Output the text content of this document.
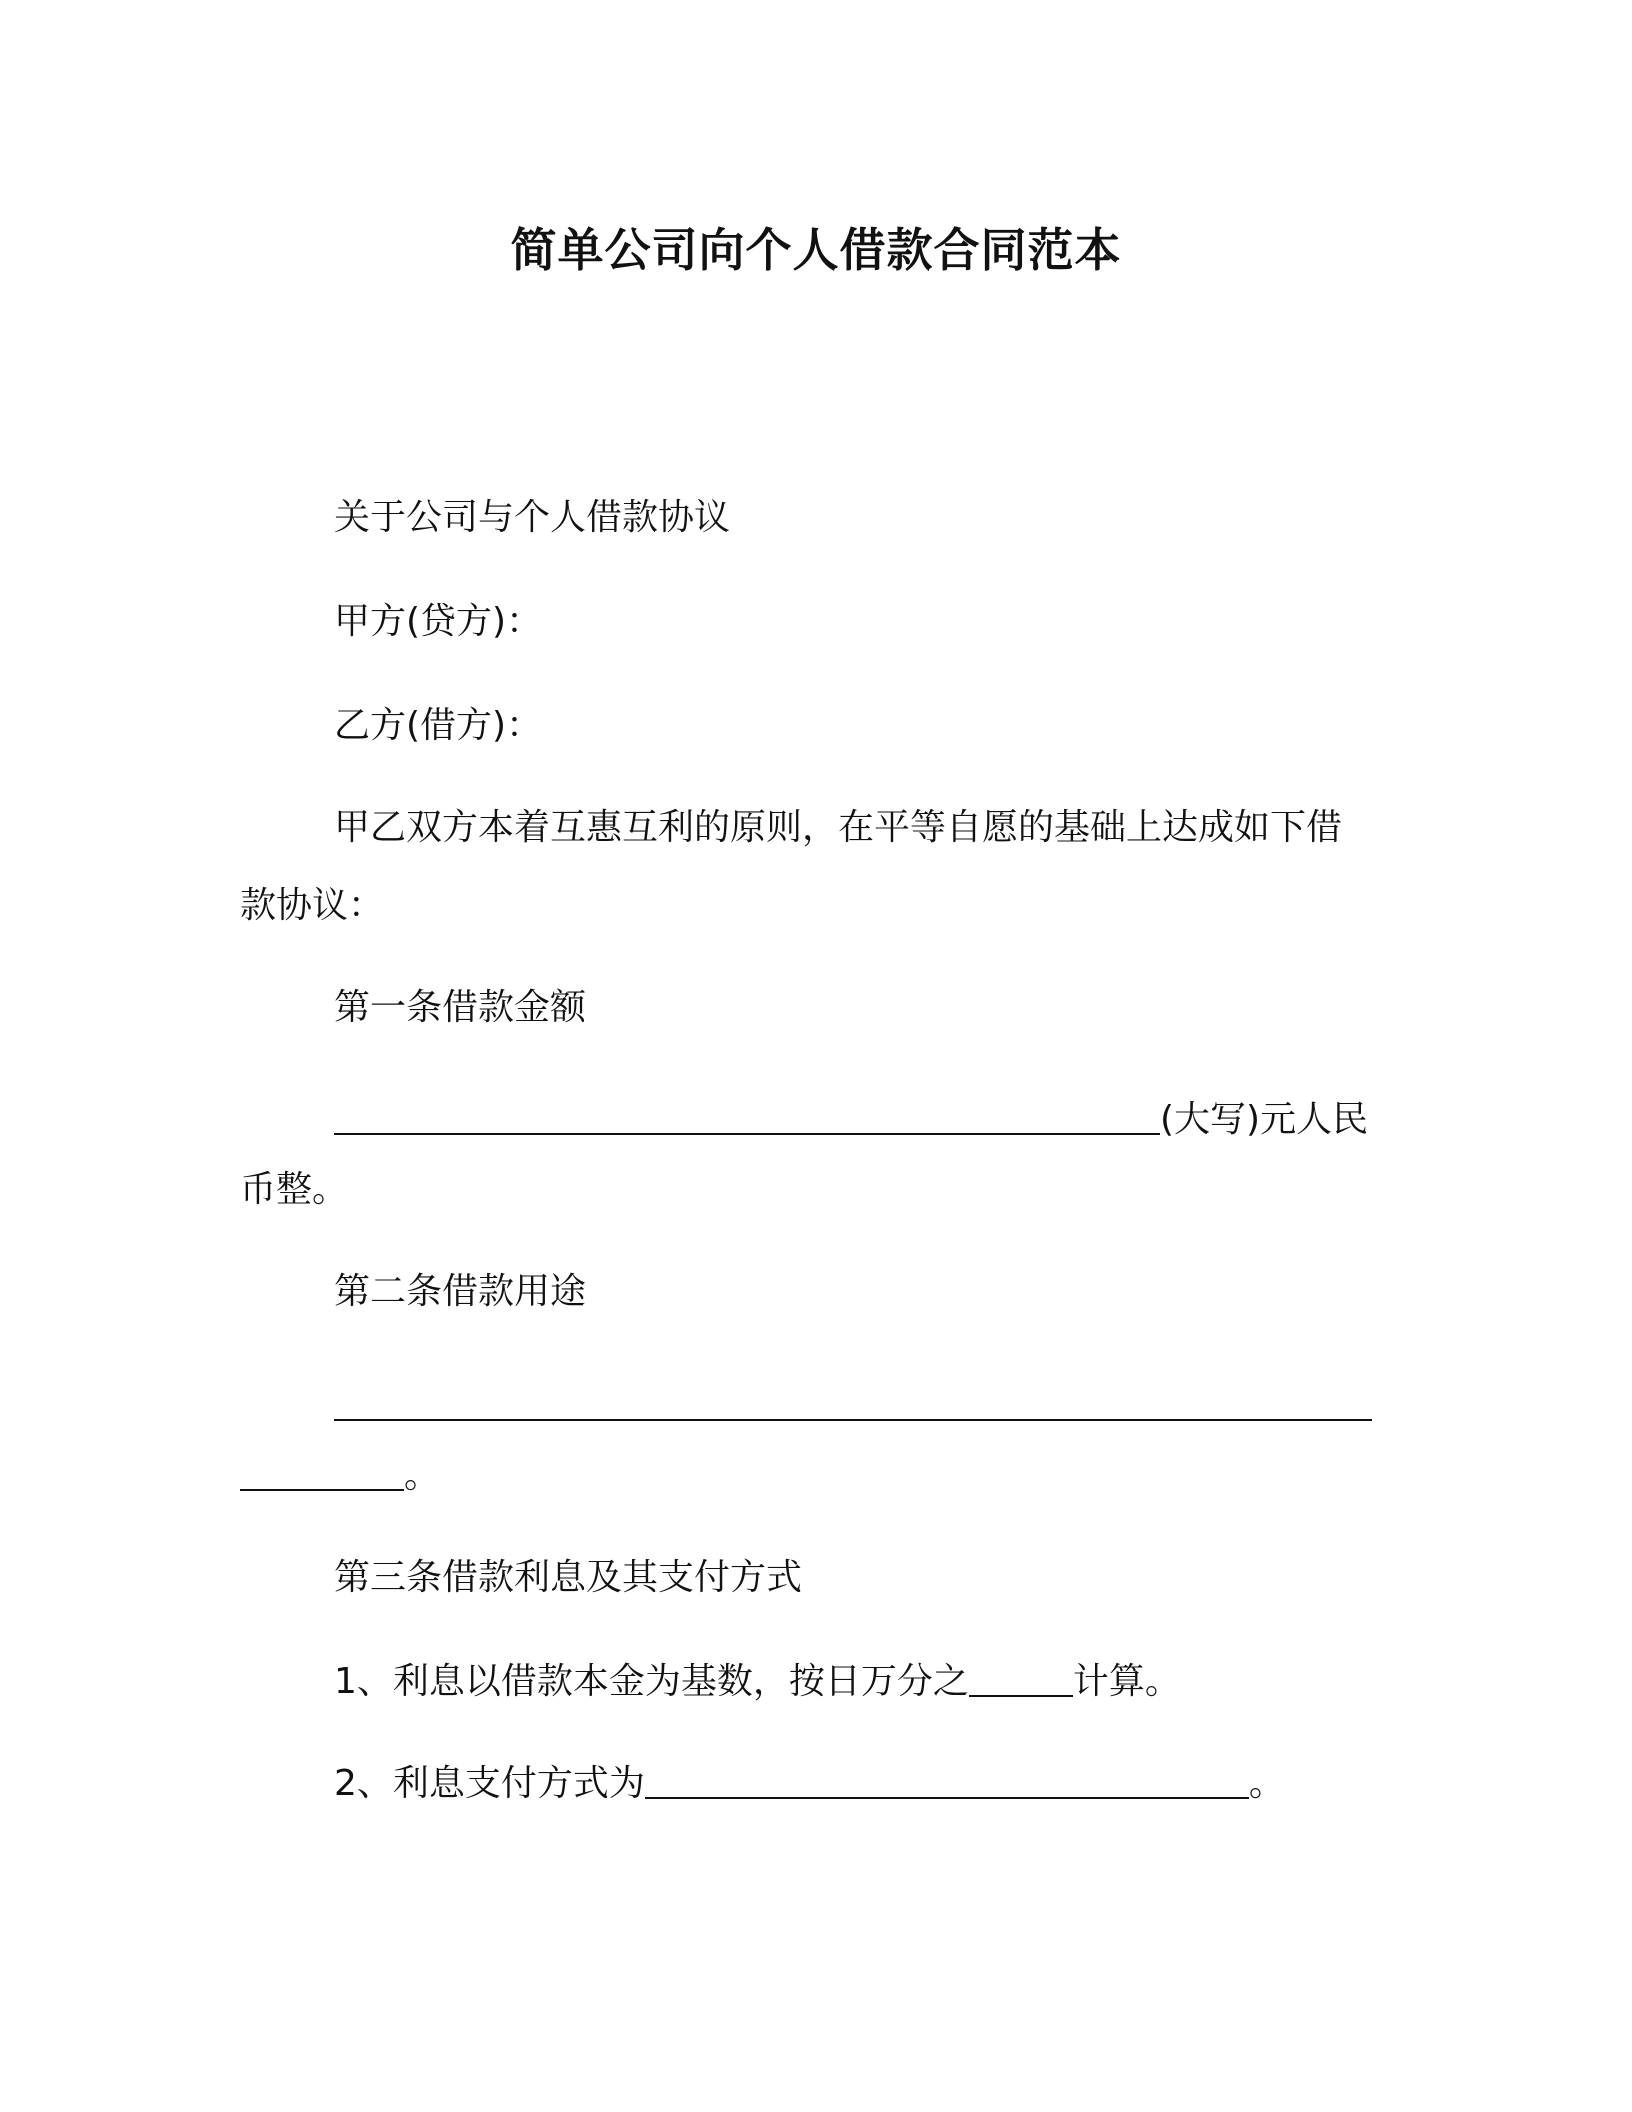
简单公司向个人借款合同范本
关于公司与个人借款协议
甲方(贷方)：
乙方(借方)：
甲乙双方本着互惠互利的原则，在平等自愿的基础上达成如下借
款协议：
第一条借款金额
(大写)元人民
币整。
第二条借款用途
。
第三条借款利息及其支付方式
1、利息以借款本金为基数，按日万分之	计算。
2、利息支付方式为	。
